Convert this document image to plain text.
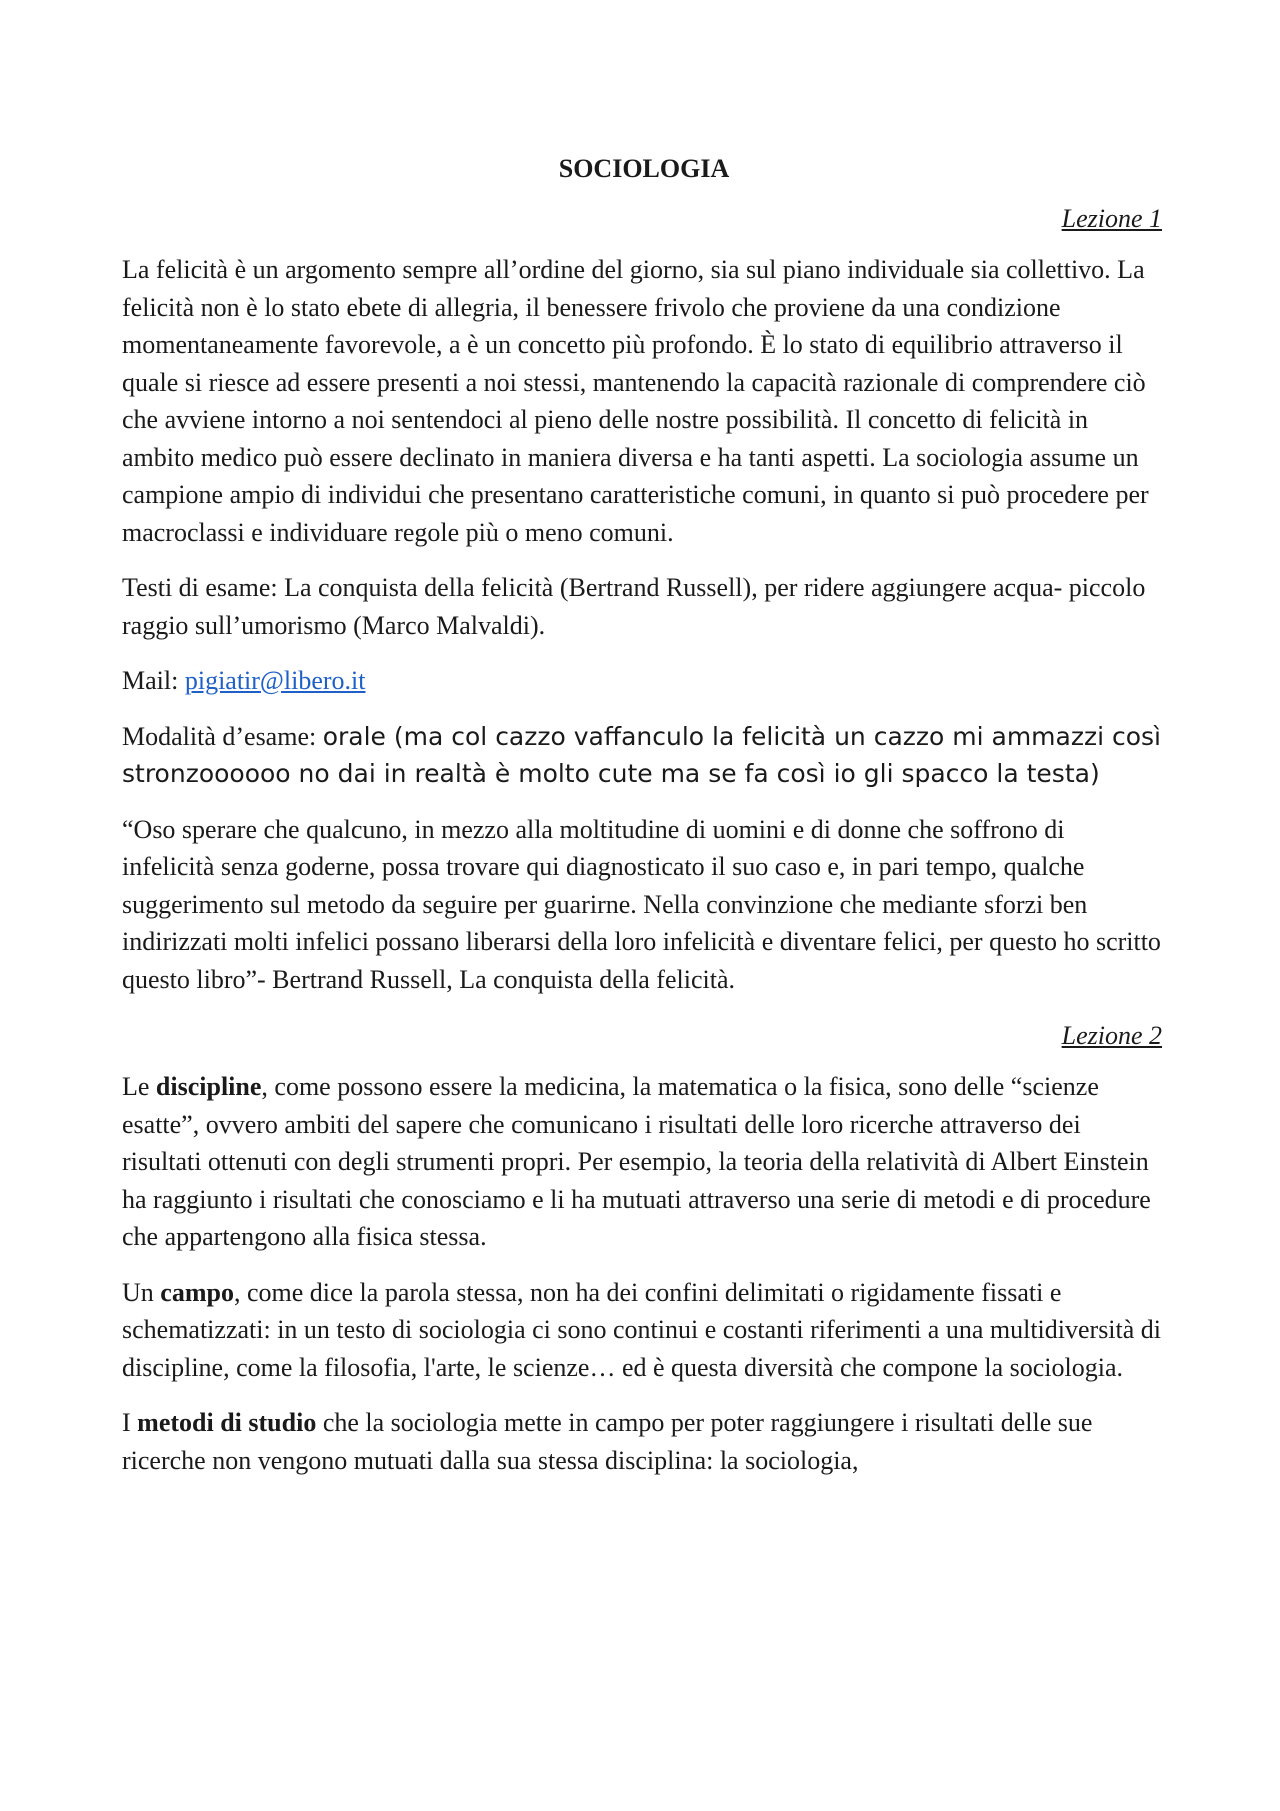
SOCIOLOGIA
Lezione 1

La felicità è un argomento sempre all’ordine del giorno, sia sul piano individuale sia collettivo. La felicità non è lo stato ebete di allegria, il benessere frivolo che proviene da una condizione momentaneamente favorevole, a è un concetto più profondo. È lo stato di equilibrio attraverso il quale si riesce ad essere presenti a noi stessi, mantenendo la capacità razionale di comprendere ciò che avviene intorno a noi sentendoci al pieno delle nostre possibilità. Il concetto di felicità in ambito medico può essere declinato in maniera diversa e ha tanti aspetti. La sociologia assume un campione ampio di individui che presentano caratteristiche comuni, in quanto si può procedere per macroclassi e individuare regole più o meno comuni.

Testi di esame: La conquista della felicità (Bertrand Russell), per ridere aggiungere acqua- piccolo raggio sull’umorismo (Marco Malvaldi).

Mail: pigiatir@libero.it

Modalità d’esame: orale (ma col cazzo vaffanculo la felicità un cazzo mi ammazzi così stronzoooooo no dai in realtà è molto cute ma se fa così io gli spacco la testa)

“Oso sperare che qualcuno, in mezzo alla moltitudine di uomini e di donne che soffrono di infelicità senza goderne, possa trovare qui diagnosticato il suo caso e, in pari tempo, qualche suggerimento sul metodo da seguire per guarirne. Nella convinzione che mediante sforzi ben indirizzati molti infelici possano liberarsi della loro infelicità e diventare felici, per questo ho scritto questo libro”- Bertrand Russell, La conquista della felicità.

Lezione 2

Le discipline, come possono essere la medicina, la matematica o la fisica, sono delle “scienze esatte”, ovvero ambiti del sapere che comunicano i risultati delle loro ricerche attraverso dei risultati ottenuti con degli strumenti propri. Per esempio, la teoria della relatività di Albert Einstein ha raggiunto i risultati che conosciamo e li ha mutuati attraverso una serie di metodi e di procedure che appartengono alla fisica stessa.

Un campo, come dice la parola stessa, non ha dei confini delimitati o rigidamente fissati e schematizzati: in un testo di sociologia ci sono continui e costanti riferimenti a una multidiversità di discipline, come la filosofia, l'arte, le scienze… ed è questa diversità che compone la sociologia.

I metodi di studio che la sociologia mette in campo per poter raggiungere i risultati delle sue ricerche non vengono mutuati dalla sua stessa disciplina: la sociologia,
